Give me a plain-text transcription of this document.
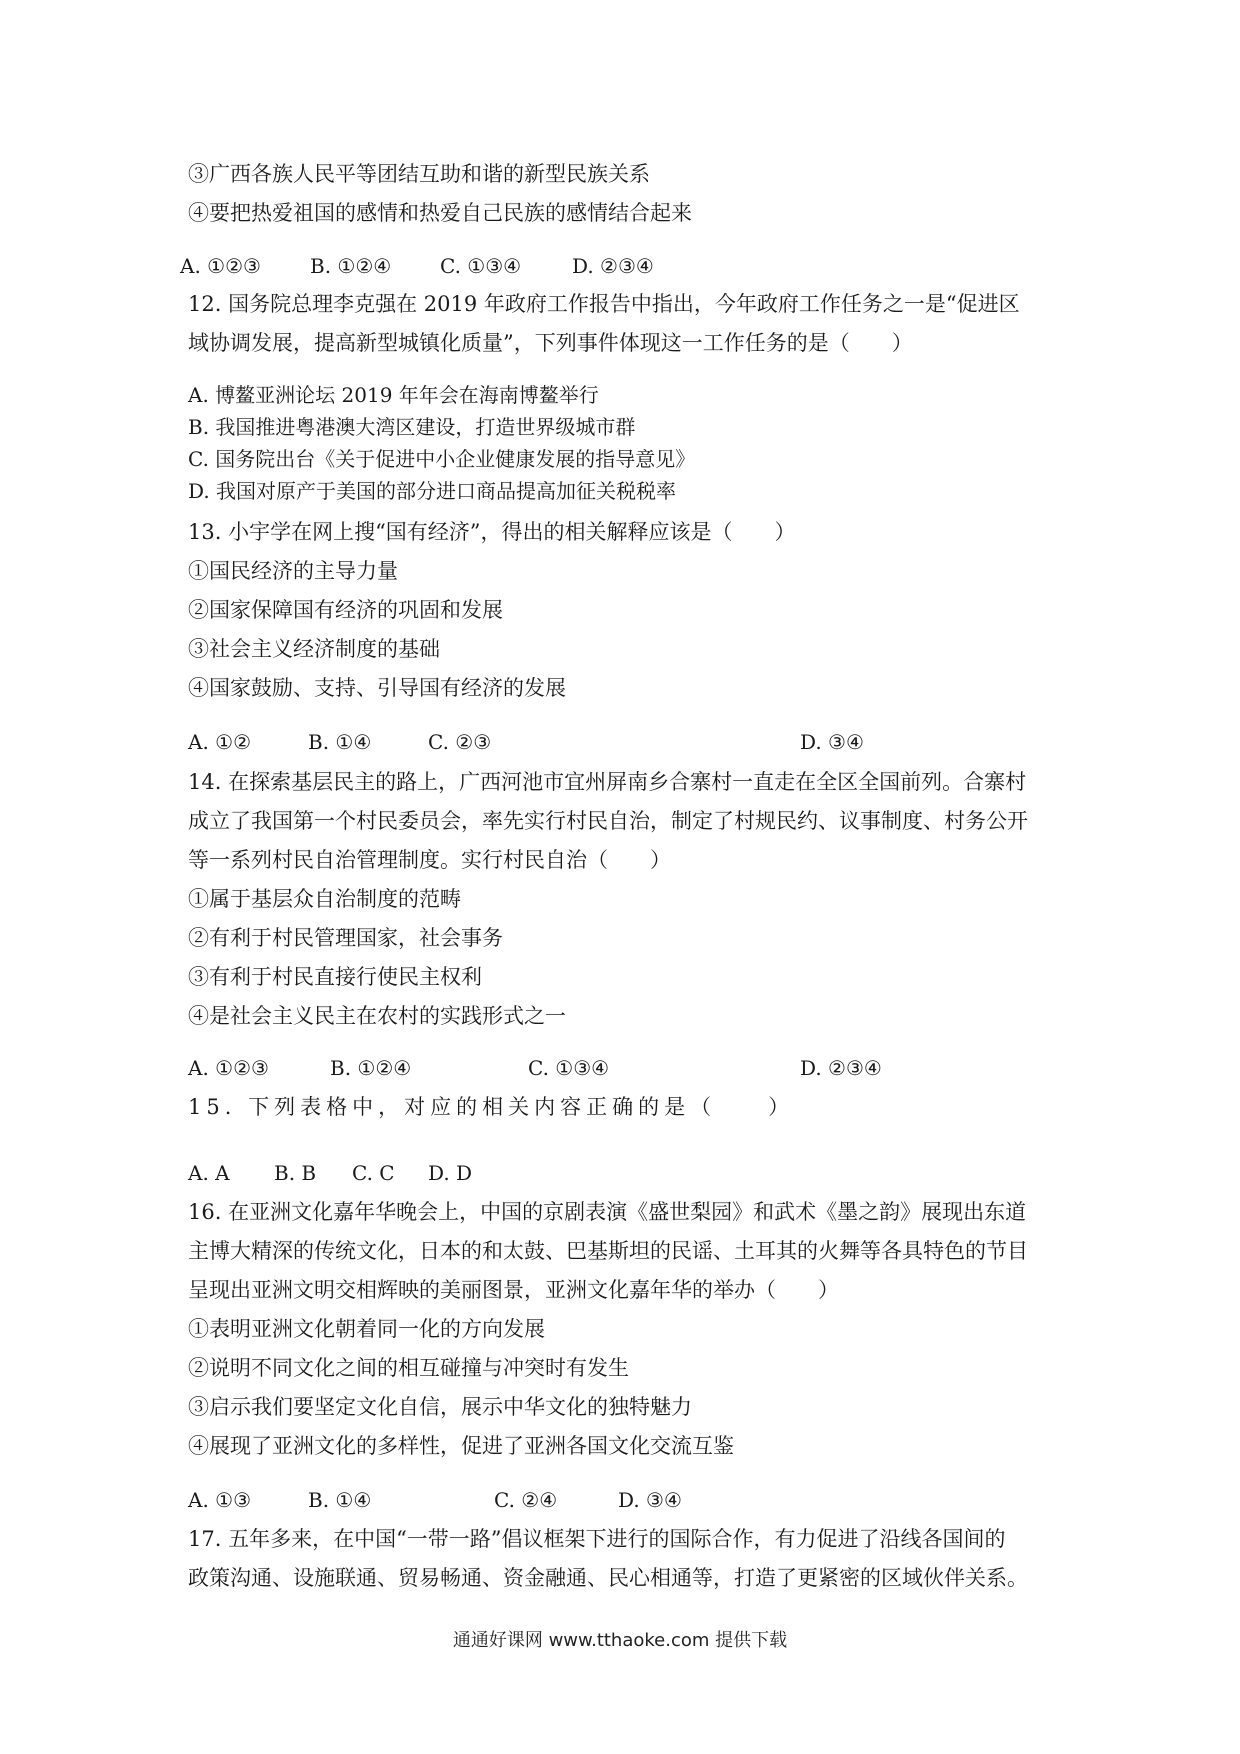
③广西各族人民平等团结互助和谐的新型民族关系
④要把热爱祖国的感情和热爱自己民族的感情结合起来
A. ①②③ B. ①②④ C. ①③④	D. ②③④
12. 国务院总理李克强在 2019 年政府工作报告中指出，今年政府工作任务之一是“促进区
域协调发展，提高新型城镇化质量”，下列事件体现这一工作任务的是（　　）
A. 博鳌亚洲论坛 2019 年年会在海南博鳌举行
B. 我国推进粤港澳大湾区建设，打造世界级城市群
C. 国务院出台《关于促进中小企业健康发展的指导意见》
D. 我国对原产于美国的部分进口商品提高加征关税税率
13. 小宇学在网上搜“国有经济”，得出的相关解释应该是（　　）
①国民经济的主导力量
②国家保障国有经济的巩固和发展
③社会主义经济制度的基础
④国家鼓励、支持、引导国有经济的发展
A. ①②	B. ①④	C. ②③	D. ③④
14. 在探索基层民主的路上，广西河池市宜州屏南乡合寨村一直走在全区全国前列。合寨村
成立了我国第一个村民委员会，率先实行村民自治，制定了村规民约、议事制度、村务公开
等一系列村民自治管理制度。实行村民自治（　　）
①属于基层众自治制度的范畴
②有利于村民管理国家，社会事务
③有利于村民直接行使民主权利
④是社会主义民主在农村的实践形式之一
A. ①②③	B. ①②④	C. ①③④	D. ②③④
15. 下列表格中，对应的相关内容正确的是（　　）
A. A B. B C. C D. D
16. 在亚洲文化嘉年华晚会上，中国的京剧表演《盛世梨园》和武术《墨之韵》展现出东道
主博大精深的传统文化，日本的和太鼓、巴基斯坦的民谣、土耳其的火舞等各具特色的节目
呈现出亚洲文明交相辉映的美丽图景，亚洲文化嘉年华的举办（　　）
①表明亚洲文化朝着同一化的方向发展
②说明不同文化之间的相互碰撞与冲突时有发生
③启示我们要坚定文化自信，展示中华文化的独特魅力
④展现了亚洲文化的多样性，促进了亚洲各国文化交流互鉴
A. ①③	B. ①④	C. ②④	D. ③④
17. 五年多来，在中国“一带一路”倡议框架下进行的国际合作，有力促进了沿线各国间的
政策沟通、设施联通、贸易畅通、资金融通、民心相通等，打造了更紧密的区域伙伴关系。
通通好课网 www.tthaoke.com 提供下载
